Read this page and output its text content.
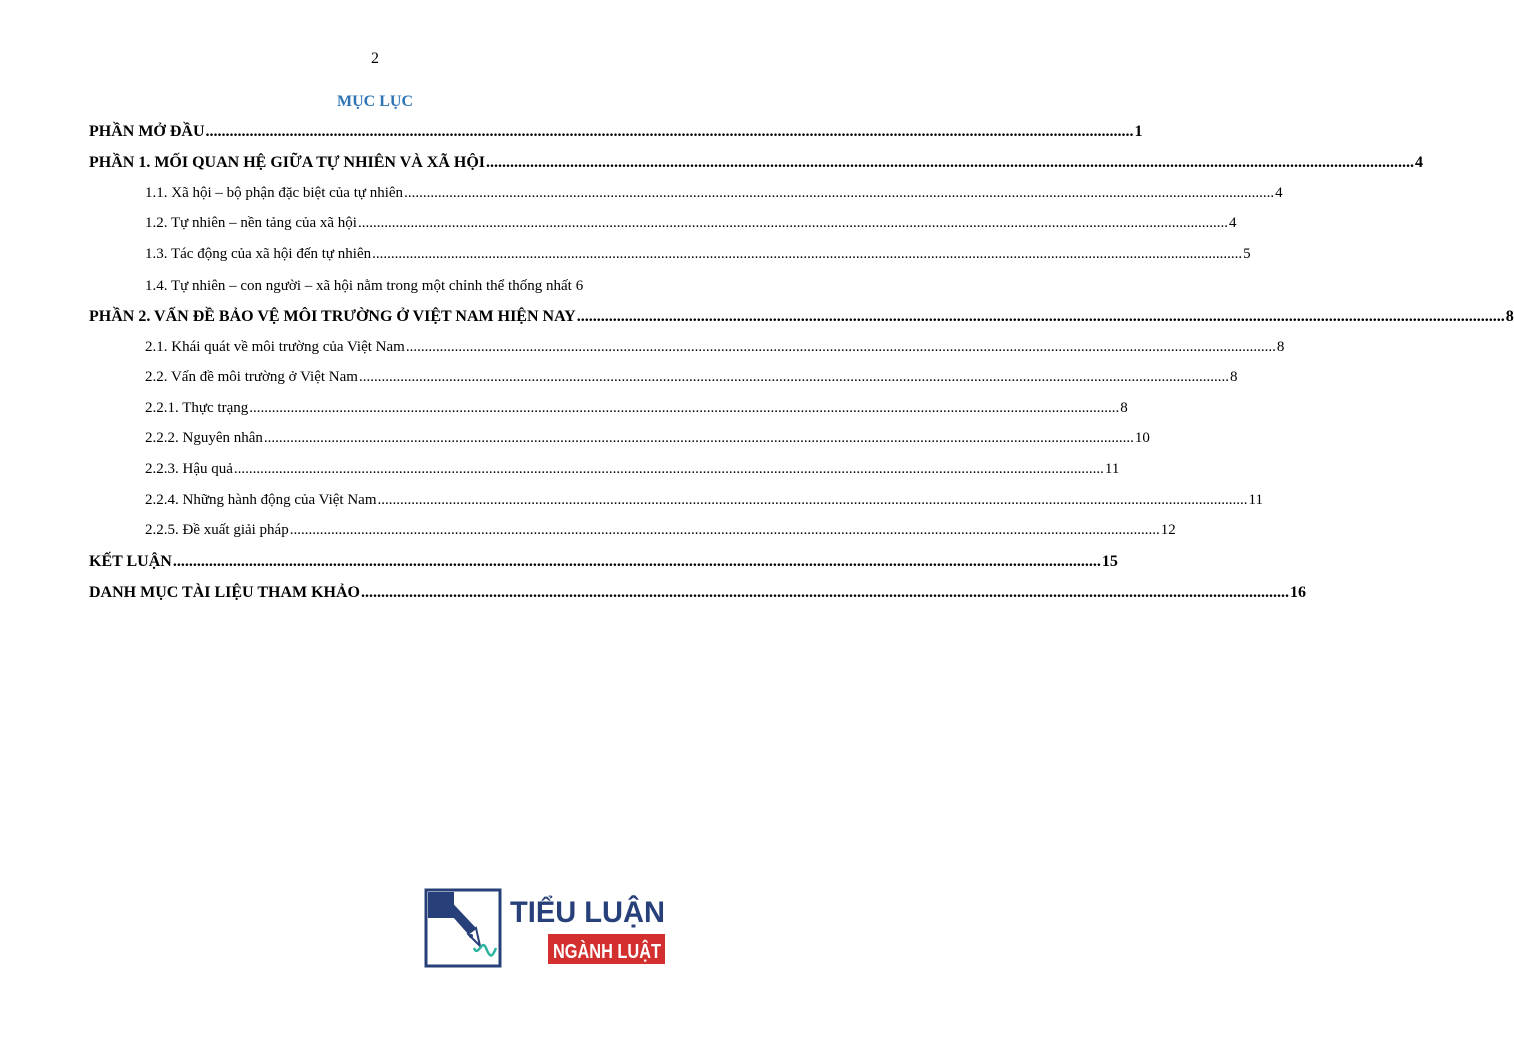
2
MỤC LỤC
PHẦN MỞ ĐẦU .....	1
PHẦN 1. MỐI QUAN HỆ GIỮA TỰ NHIÊN VÀ XÃ HỘI .....	4
1.1. Xã hội – bộ phận đặc biệt của tự nhiên .....	4
1.2. Tự nhiên – nền tảng của xã hội .....	4
1.3. Tác động của xã hội đến tự nhiên .....	5
1.4. Tự nhiên – con người – xã hội nằm trong một chỉnh thể thống nhất 6
PHẦN 2. VẤN ĐỀ BẢO VỆ MÔI TRƯỜNG Ở VIỆT NAM HIỆN NAY .....	8
2.1. Khái quát về môi trường của Việt Nam .....	8
2.2. Vấn đề môi trường ở Việt Nam .....	8
2.2.1. Thực trạng .....	8
2.2.2. Nguyên nhân .....	10
2.2.3. Hậu quả .....	11
2.2.4. Những hành động của Việt Nam .....	11
2.2.5. Đề xuất giải pháp .....	12
KẾT LUẬN .....	15
DANH MỤC TÀI LIỆU THAM KHẢO .....	16
TIỂU LUẬN
NGÀNH LUẬT
